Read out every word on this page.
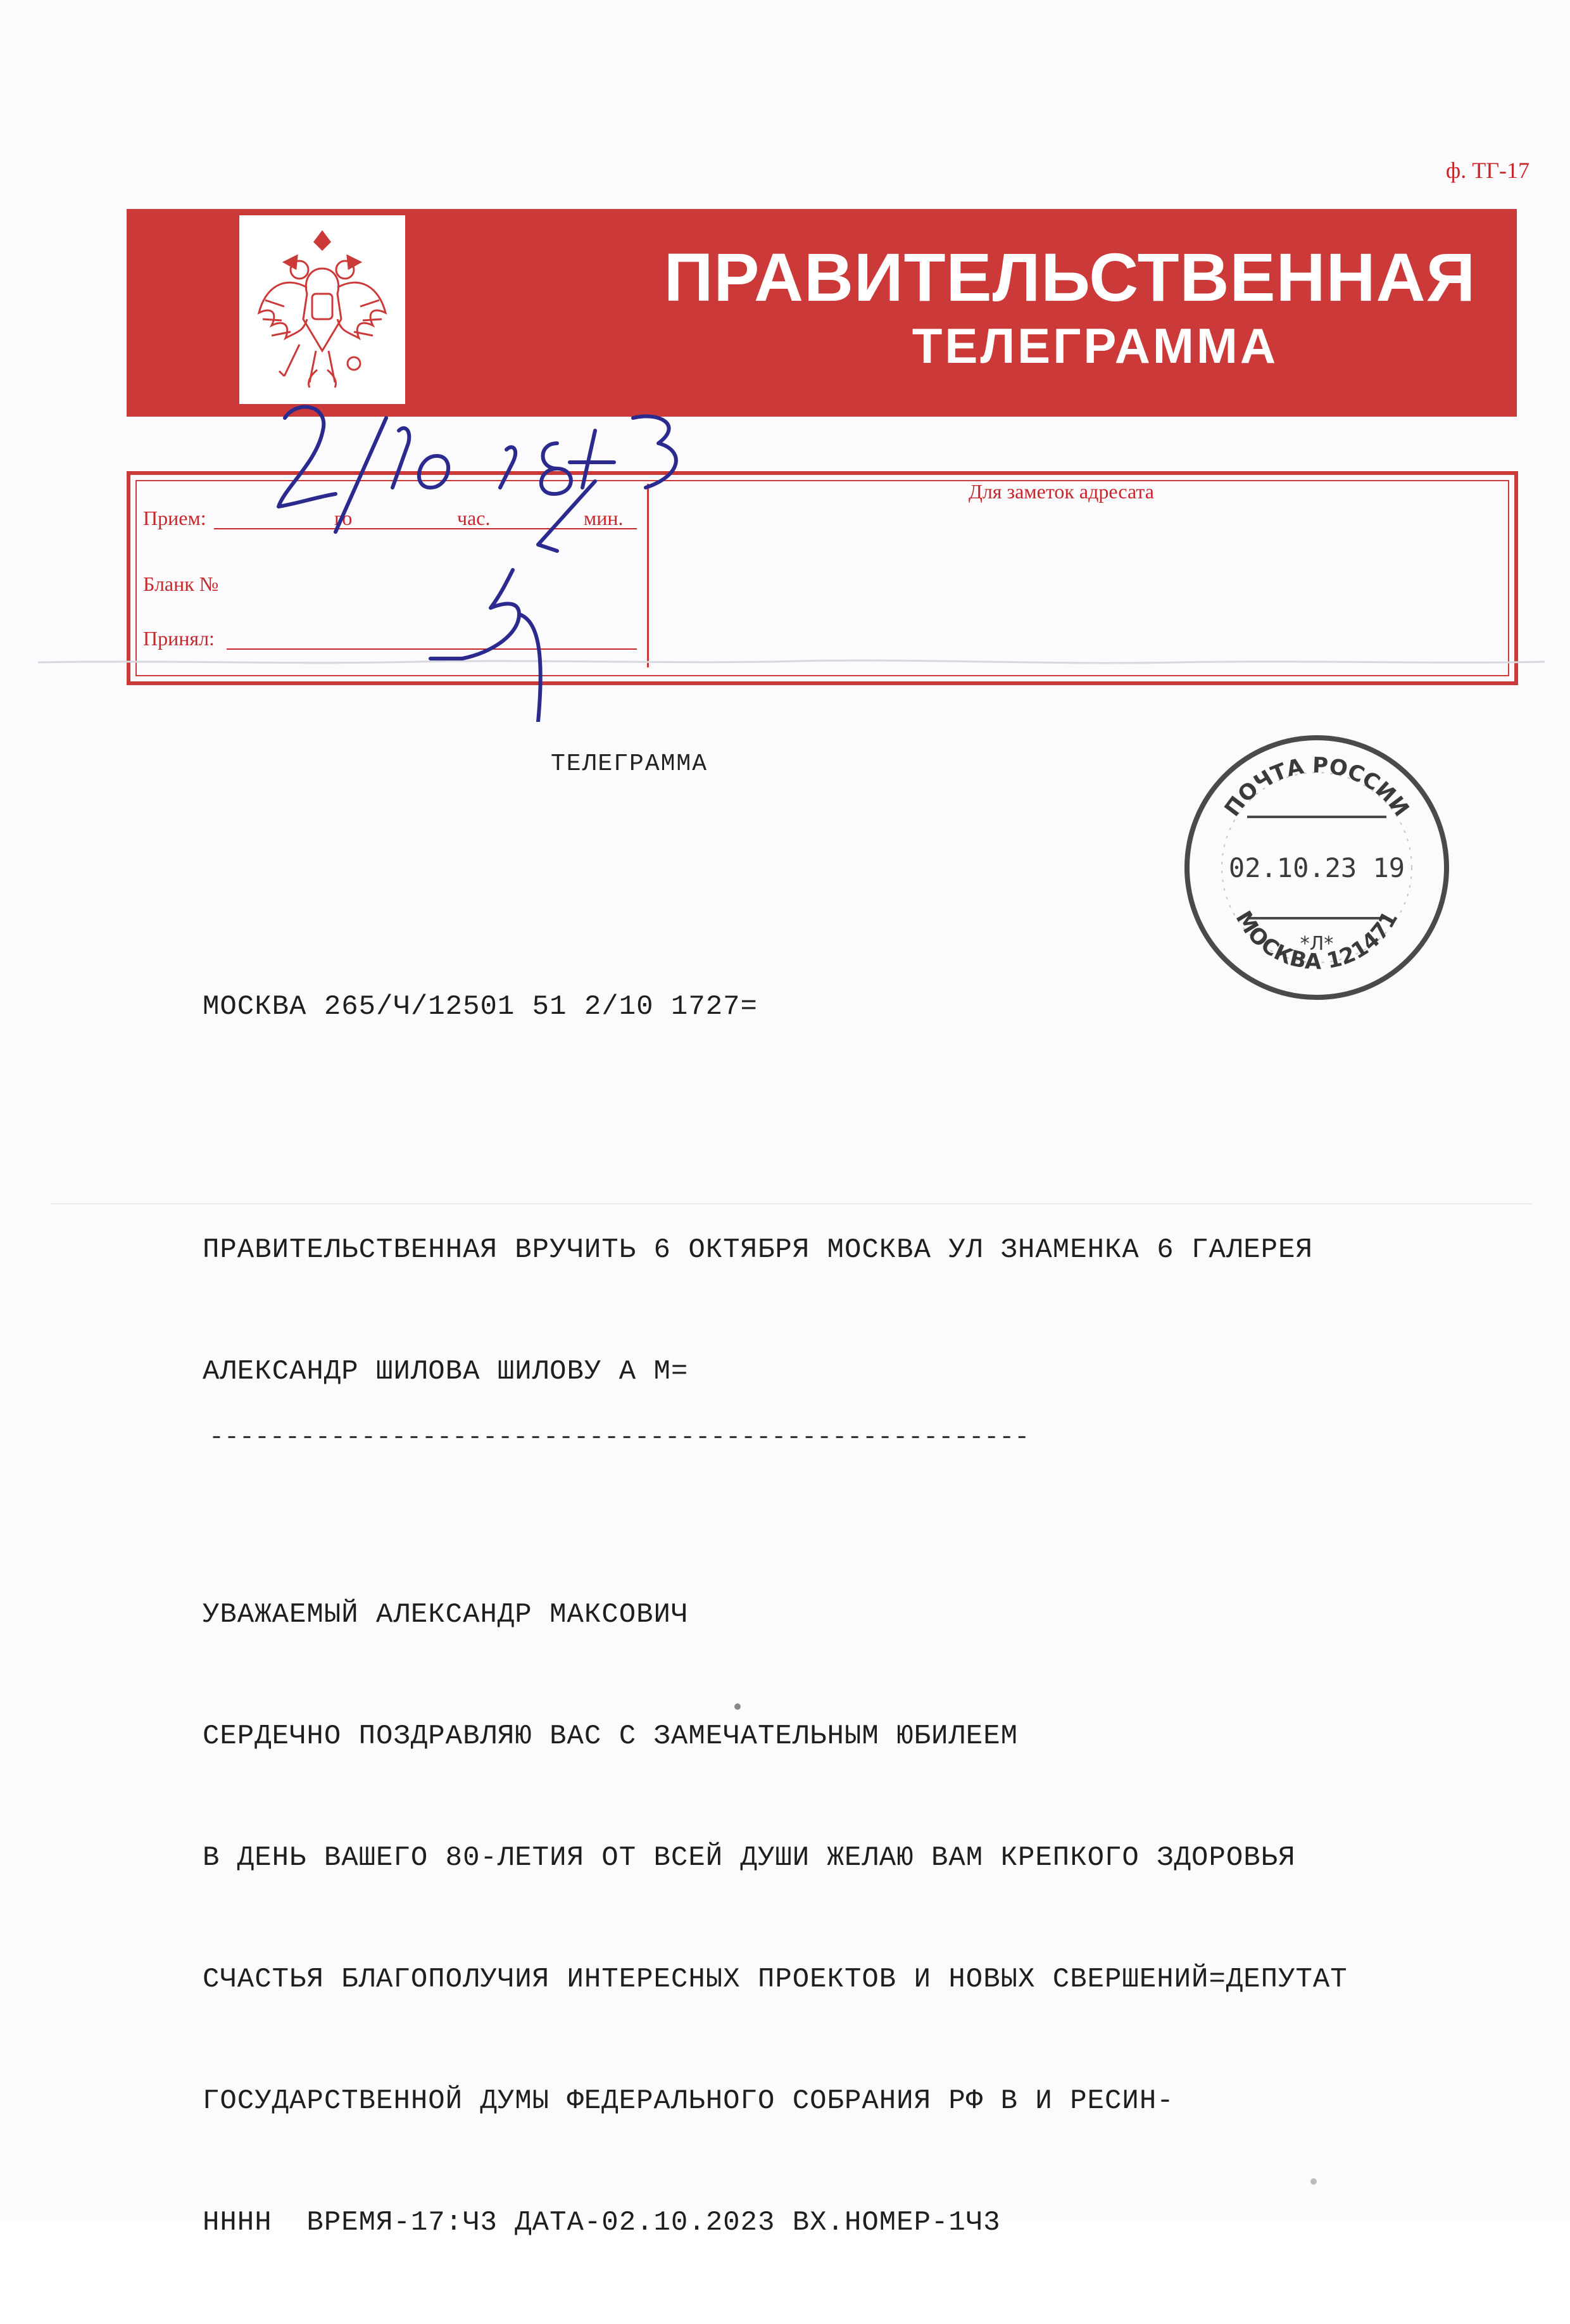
ф. ТГ-17
ПРАВИТЕЛЬСТВЕННАЯ
ТЕЛЕГРАММА
Прием:	го	час.	мин.
Бланк №
Принял:
Для заметок адресата
ТЕЛЕГРАММА
ПОЧТА РОССИИ
02.10.23 19
*Л*
МОСКВА 121471

МОСКВА 265/Ч/12501 51 2/10 1727=

ПРАВИТЕЛЬСТВЕННАЯ ВРУЧИТЬ 6 ОКТЯБРЯ МОСКВА УЛ ЗНАМЕНКА 6 ГАЛЕРЕЯ

АЛЕКСАНДР ШИЛОВА ШИЛОВУ А М=

УВАЖАЕМЫЙ АЛЕКСАНДР МАКСОВИЧ

СЕРДЕЧНО ПОЗДРАВЛЯЮ ВАС С ЗАМЕЧАТЕЛЬНЫМ ЮБИЛЕЕМ

В ДЕНЬ ВАШЕГО 80-ЛЕТИЯ ОТ ВСЕЙ ДУШИ ЖЕЛАЮ ВАМ КРЕПКОГО ЗДОРОВЬЯ

СЧАСТЬЯ БЛАГОПОЛУЧИЯ ИНТЕРЕСНЫХ ПРОЕКТОВ И НОВЫХ СВЕРШЕНИЙ=ДЕПУТАТ

ГОСУДАРСТВЕННОЙ ДУМЫ ФЕДЕРАЛЬНОГО СОБРАНИЯ РФ В И РЕСИН-

НННН  ВРЕМЯ-17:Ч3 ДАТА-02.10.2023 ВХ.НОМЕР-1Ч3

------------------------------------------------------
